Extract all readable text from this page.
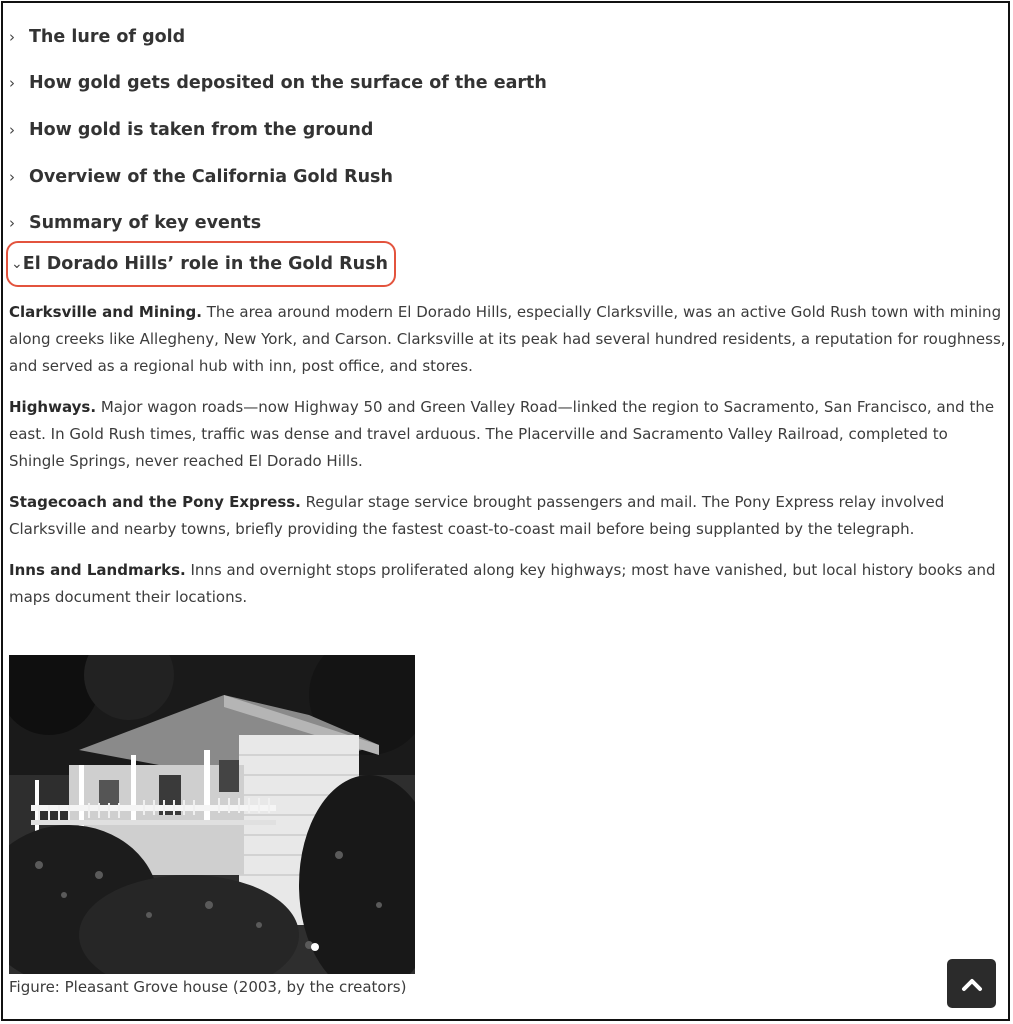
› The lure of gold
› How gold gets deposited on the surface of the earth
› How gold is taken from the ground
› Overview of the California Gold Rush
› Summary of key events
⌄ El Dorado Hills’ role in the Gold Rush

Clarksville and Mining. The area around modern El Dorado Hills, especially Clarksville, was an active Gold Rush town with mining along creeks like Allegheny, New York, and Carson. Clarksville at its peak had several hundred residents, a reputation for roughness, and served as a regional hub with inn, post office, and stores.

Highways. Major wagon roads—now Highway 50 and Green Valley Road—linked the region to Sacramento, San Francisco, and the east. In Gold Rush times, traffic was dense and travel arduous. The Placerville and Sacramento Valley Railroad, completed to Shingle Springs, never reached El Dorado Hills.

Stagecoach and the Pony Express. Regular stage service brought passengers and mail. The Pony Express relay involved Clarksville and nearby towns, briefly providing the fastest coast-to-coast mail before being supplanted by the telegraph.

Inns and Landmarks. Inns and overnight stops proliferated along key highways; most have vanished, but local history books and maps document their locations.

Figure: Pleasant Grove house (2003, by the creators)
